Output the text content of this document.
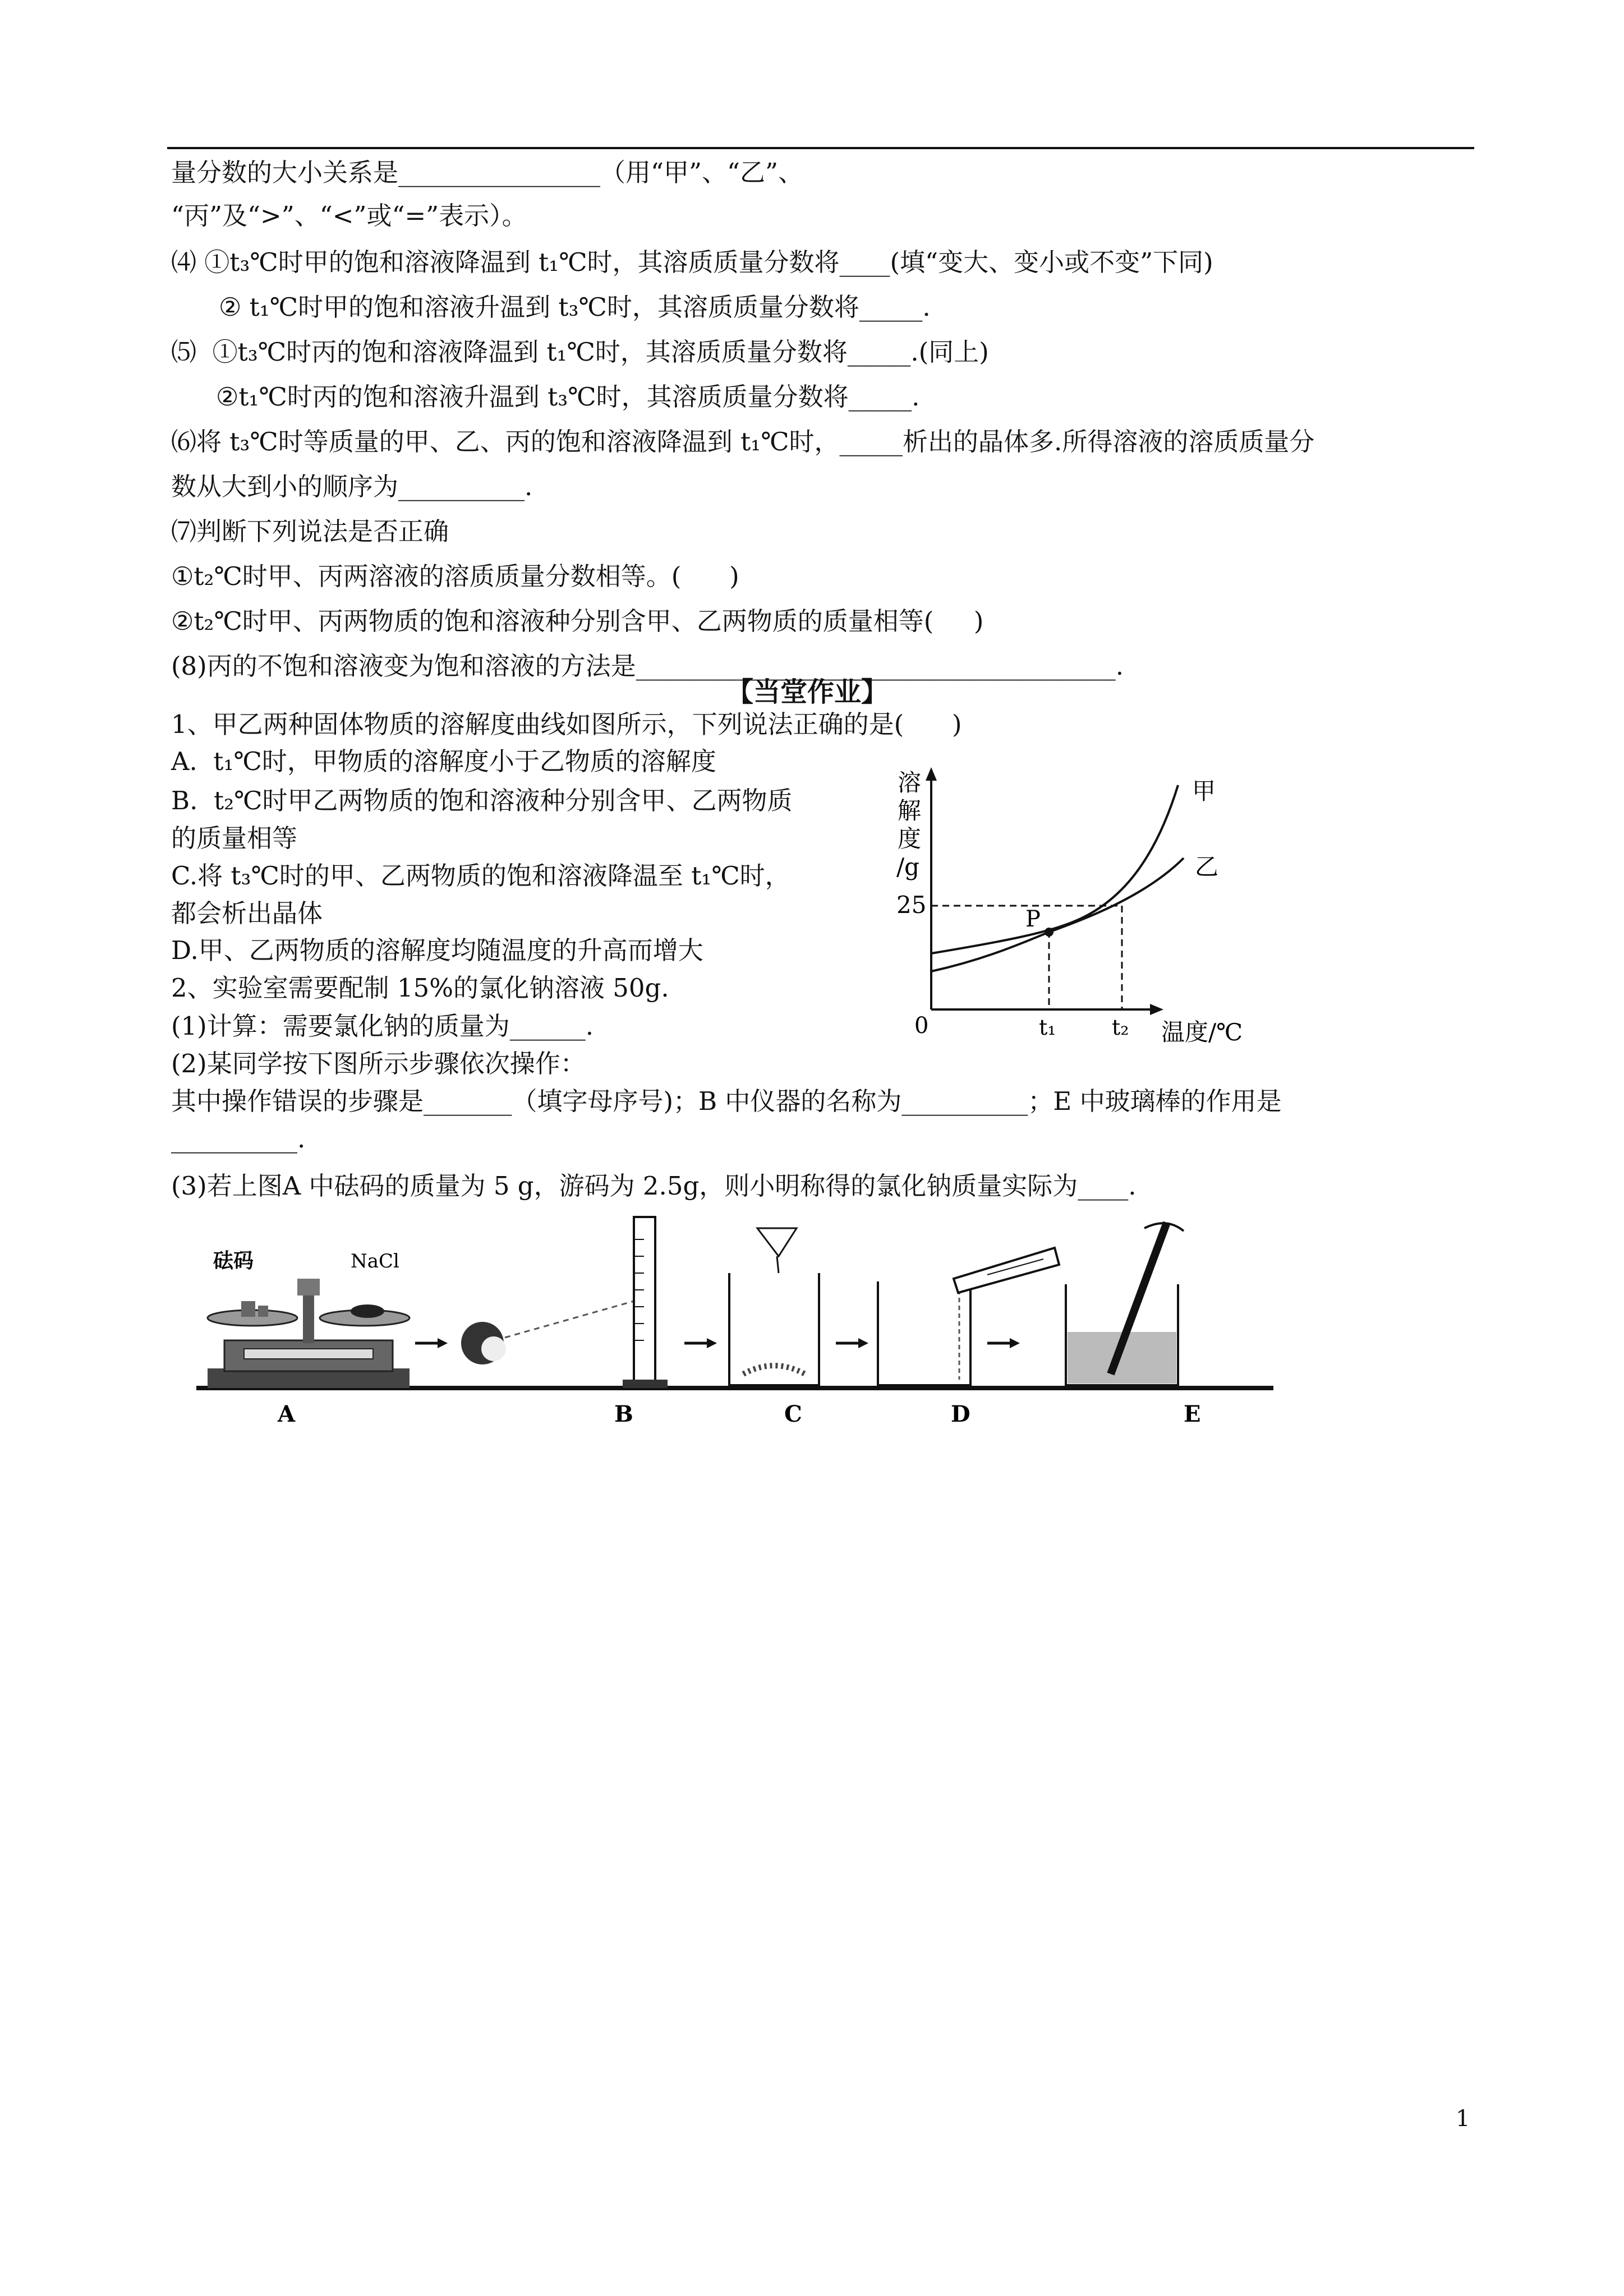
量分数的大小关系是________________（用“甲”、“乙”、
“丙”及“>”、“<”或“=”表示）。
⑷ ①t₃℃时甲的饱和溶液降温到 t₁℃时，其溶质质量分数将____(填“变大、变小或不变”下同)
② t₁℃时甲的饱和溶液升温到 t₃℃时，其溶质质量分数将_____.
⑸  ①t₃℃时丙的饱和溶液降温到 t₁℃时，其溶质质量分数将_____.(同上)
②t₁℃时丙的饱和溶液升温到 t₃℃时，其溶质质量分数将_____.
⑹将 t₃℃时等质量的甲、乙、丙的饱和溶液降温到 t₁℃时，_____析出的晶体多.所得溶液的溶质质量分
数从大到小的顺序为__________.
⑺判断下列说法是否正确
①t₂℃时甲、丙两溶液的溶质质量分数相等。(      )
②t₂℃时甲、丙两物质的饱和溶液种分别含甲、乙两物质的质量相等(     )
(8)丙的不饱和溶液变为饱和溶液的方法是______________________________________.
【当堂作业】
1、甲乙两种固体物质的溶解度曲线如图所示，下列说法正确的是(      )
A.  t₁℃时，甲物质的溶解度小于乙物质的溶解度
B.  t₂℃时甲乙两物质的饱和溶液种分别含甲、乙两物质
的质量相等
C.将 t₃℃时的甲、乙两物质的饱和溶液降温至 t₁℃时，
都会析出晶体
D.甲、乙两物质的溶解度均随温度的升高而增大
2、实验室需要配制 15%的氯化钠溶液 50g.
(1)计算：需要氯化钠的质量为______.
(2)某同学按下图所示步骤依次操作：
其中操作错误的步骤是_______（填字母序号)；B 中仪器的名称为__________；E 中玻璃棒的作用是
__________.
(3)若上图A 中砝码的质量为 5 g，游码为 2.5g，则小明称得的氯化钠质量实际为____.
溶
解
度
/g
25
P
甲
乙
0	t₁	t₂ 温度/℃
砝码	NaCl
A	B	C	D	E
1
